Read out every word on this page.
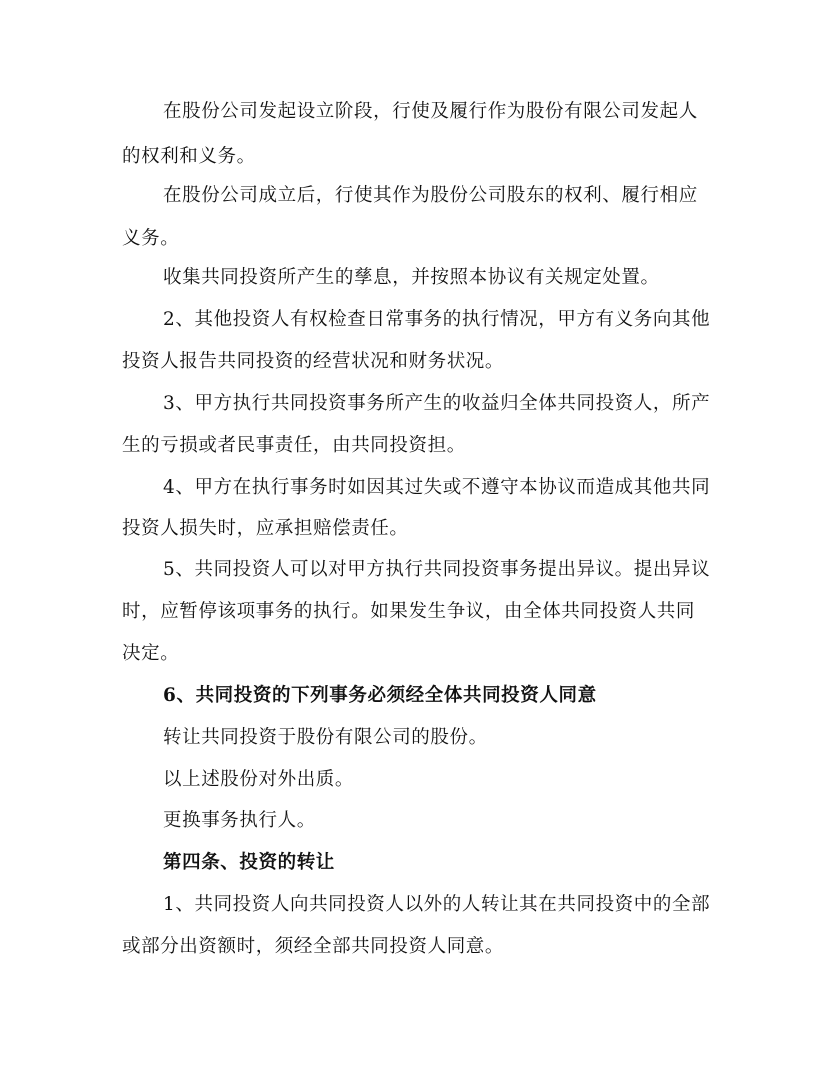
在股份公司发起设立阶段，行使及履行作为股份有限公司发起人
的权利和义务。
在股份公司成立后，行使其作为股份公司股东的权利、履行相应
义务。
收集共同投资所产生的孳息，并按照本协议有关规定处置。
2、其他投资人有权检查日常事务的执行情况，甲方有义务向其他
投资人报告共同投资的经营状况和财务状况。
3、甲方执行共同投资事务所产生的收益归全体共同投资人，所产
生的亏损或者民事责任，由共同投资担。
4、甲方在执行事务时如因其过失或不遵守本协议而造成其他共同
投资人损失时，应承担赔偿责任。
5、共同投资人可以对甲方执行共同投资事务提出异议。提出异议
时，应暂停该项事务的执行。如果发生争议，由全体共同投资人共同
决定。
6、共同投资的下列事务必须经全体共同投资人同意
转让共同投资于股份有限公司的股份。
以上述股份对外出质。
更换事务执行人。
第四条、投资的转让
1、共同投资人向共同投资人以外的人转让其在共同投资中的全部
或部分出资额时，须经全部共同投资人同意。
